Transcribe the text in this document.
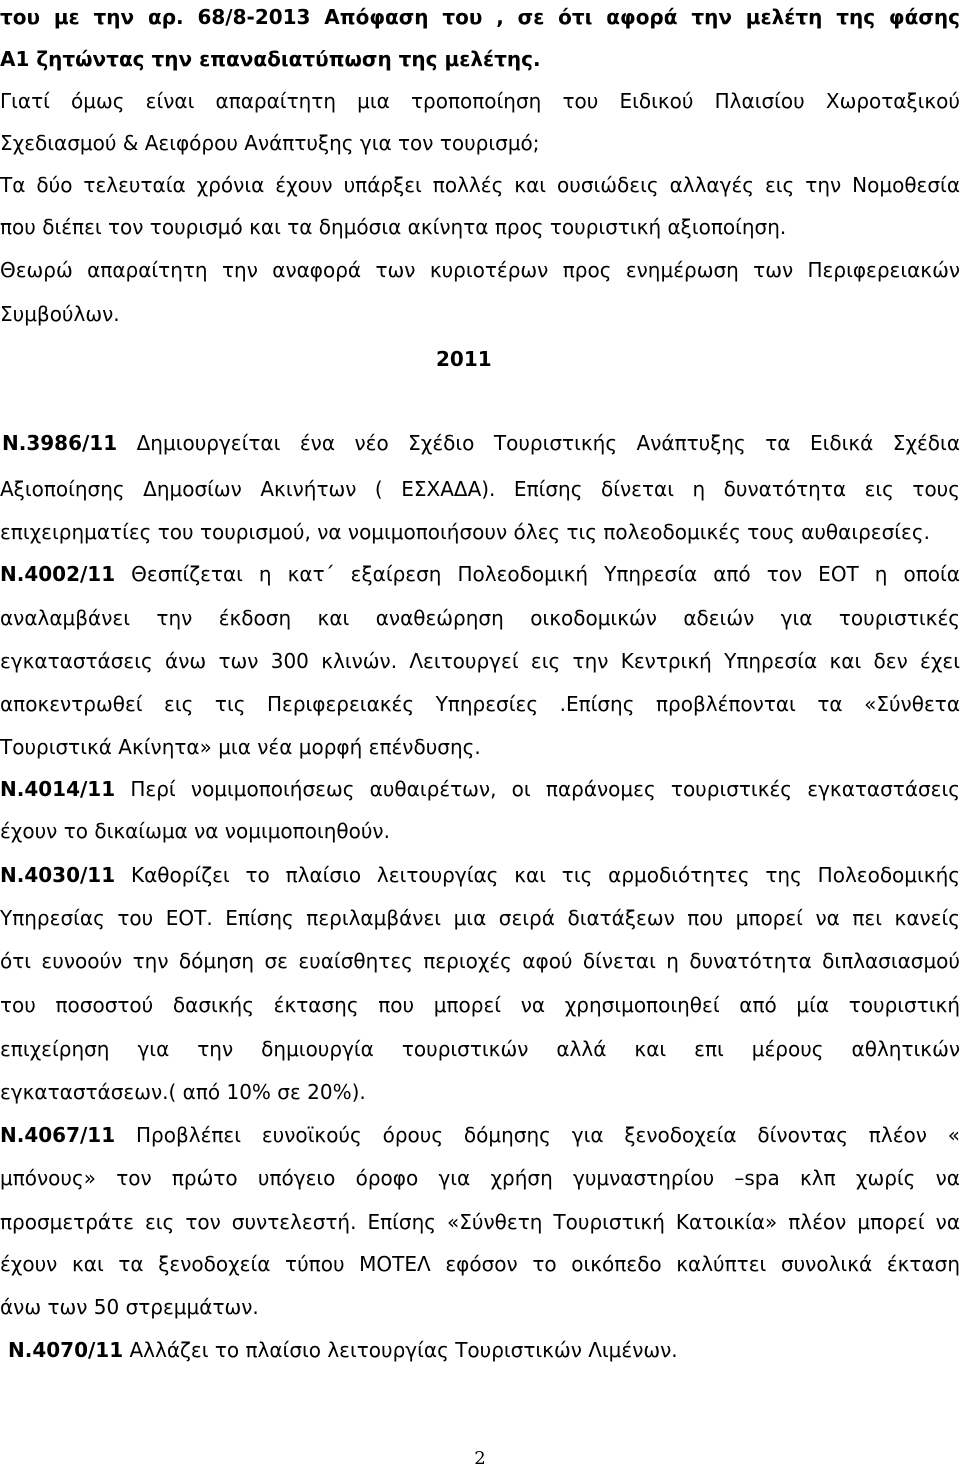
του με την αρ. 68/8-2013 Απόφαση του , σε ότι αφορά την μελέτη της φάσης
Α1 ζητώντας την επαναδιατύπωση της μελέτης.
Γιατί όμως είναι απαραίτητη μια τροποποίηση του Ειδικού Πλαισίου Χωροταξικού
Σχεδιασμού & Αειφόρου Ανάπτυξης για τον τουρισμό;
Τα δύο τελευταία χρόνια έχουν υπάρξει πολλές και ουσιώδεις αλλαγές εις την Νομοθεσία
που διέπει τον τουρισμό και τα δημόσια ακίνητα προς τουριστική αξιοποίηση.
Θεωρώ απαραίτητη την αναφορά των κυριοτέρων προς ενημέρωση των Περιφερειακών
Συμβούλων.
2011
Ν.3986/11 Δημιουργείται ένα νέο Σχέδιο Τουριστικής Ανάπτυξης τα Ειδικά Σχέδια
Αξιοποίησης Δημοσίων Ακινήτων ( ΕΣΧΑΔΑ). Επίσης δίνεται η δυνατότητα εις τους
επιχειρηματίες του τουρισμού, να νομιμοποιήσουν όλες τις πολεοδομικές τους αυθαιρεσίες.
Ν.4002/11 Θεσπίζεται η κατ΄ εξαίρεση Πολεοδομική Υπηρεσία από τον ΕΟΤ η οποία
αναλαμβάνει την έκδοση και αναθεώρηση οικοδομικών αδειών για τουριστικές
εγκαταστάσεις άνω των 300 κλινών. Λειτουργεί εις την Κεντρική Υπηρεσία και δεν έχει
αποκεντρωθεί εις τις Περιφερειακές Υπηρεσίες .Επίσης προβλέπονται τα «Σύνθετα
Τουριστικά Ακίνητα» μια νέα μορφή επένδυσης.
Ν.4014/11 Περί νομιμοποιήσεως αυθαιρέτων, οι παράνομες τουριστικές εγκαταστάσεις
έχουν το δικαίωμα να νομιμοποιηθούν.
Ν.4030/11 Καθορίζει το πλαίσιο λειτουργίας και τις αρμοδιότητες της Πολεοδομικής
Υπηρεσίας του ΕΟΤ. Επίσης περιλαμβάνει μια σειρά διατάξεων που μπορεί να πει κανείς
ότι ευνοούν την δόμηση σε ευαίσθητες περιοχές αφού δίνεται η δυνατότητα διπλασιασμού
του ποσοστού δασικής έκτασης που μπορεί να χρησιμοποιηθεί από μία τουριστική
επιχείρηση για την δημιουργία τουριστικών αλλά και επι μέρους αθλητικών
εγκαταστάσεων.( από 10% σε 20%).
Ν.4067/11 Προβλέπει ευνοϊκούς όρους δόμησης για ξενοδοχεία δίνοντας πλέον «
μπόνους» τον πρώτο υπόγειο όροφο για χρήση γυμναστηρίου –spa κλπ χωρίς να
προσμετράτε εις τον συντελεστή. Επίσης «Σύνθετη Τουριστική Κατοικία» πλέον μπορεί να
έχουν και τα ξενοδοχεία τύπου ΜΟΤΕΛ εφόσον το οικόπεδο καλύπτει συνολικά έκταση
άνω των 50 στρεμμάτων.
Ν.4070/11 Αλλάζει το πλαίσιο λειτουργίας Τουριστικών Λιμένων.
2
